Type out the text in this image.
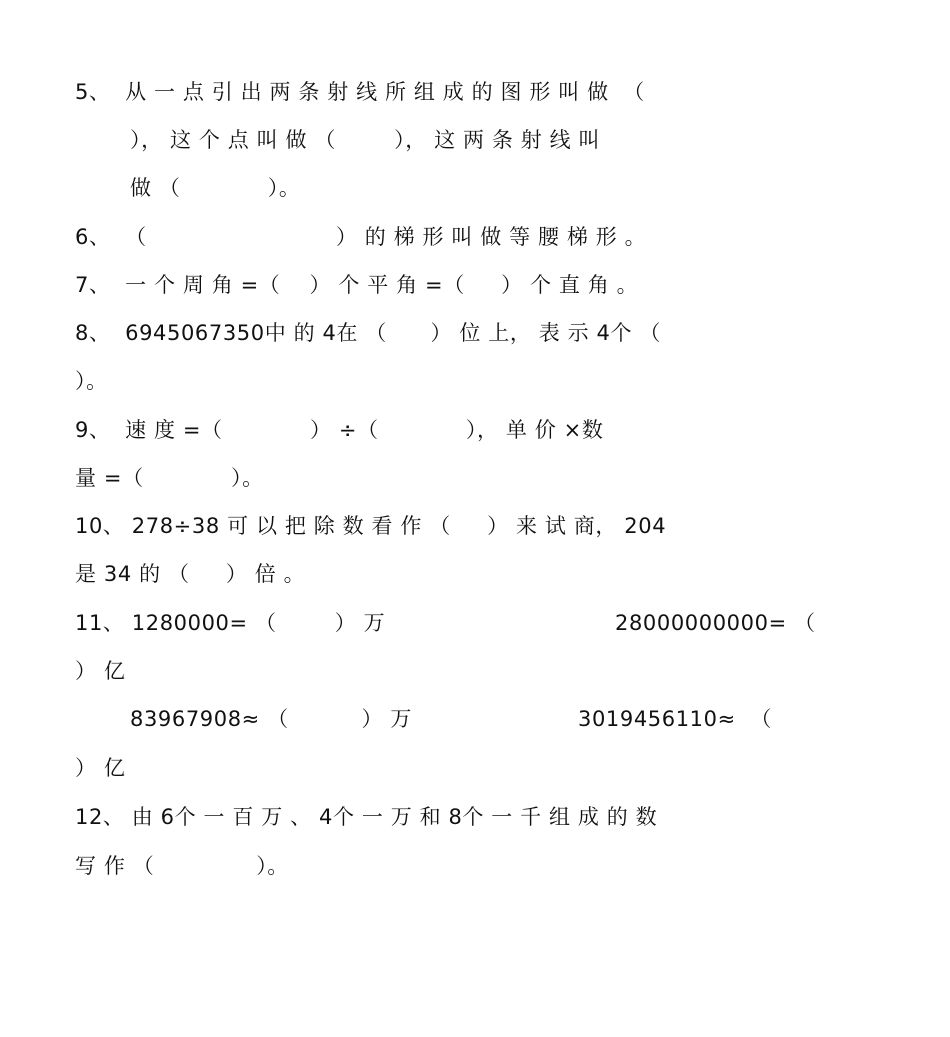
5、  从 一 点 引 出 两 条 射 线 所 组 成 的 图 形 叫 做  （
）， 这 个 点 叫 做 （        ）， 这 两 条 射 线 叫
做 （            ）。
6、  （                          ） 的 梯 形 叫 做 等 腰 梯 形 。
7、  一 个 周 角 =（    ） 个 平 角 =（     ） 个 直 角 。
8、  6945067350中 的 4在 （      ） 位 上， 表 示 4个 （
）。
9、  速 度 =（            ） ÷（            ）， 单 价 ×数
量 =（            ）。
10、 278÷38 可 以 把 除 数 看 作 （     ） 来 试 商， 204
是 34 的 （     ） 倍 。
11、 1280000= （        ） 万	28000000000= （
） 亿
83967908≈ （          ） 万	3019456110≈  （
） 亿
12、 由 6个 一 百 万 、 4个 一 万 和 8个 一 千 组 成 的 数
写 作 （              ）。
